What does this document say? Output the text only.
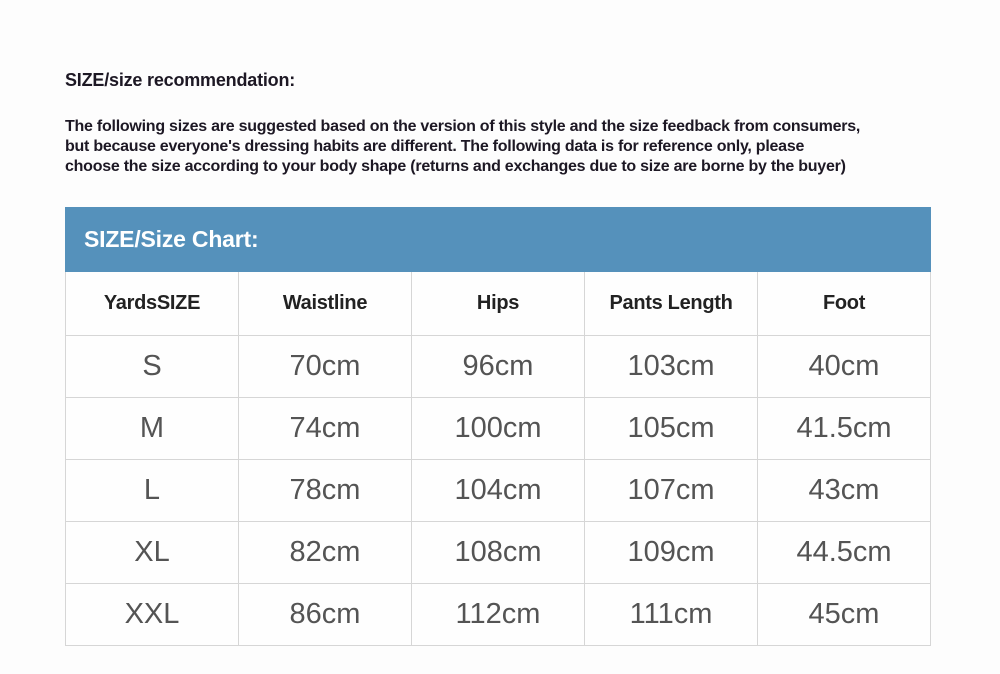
SIZE/size recommendation:
The following sizes are suggested based on the version of this style and the size feedback from consumers,
but because everyone's dressing habits are different. The following data is for reference only, please
choose the size according to your body shape (returns and exchanges due to size are borne by the buyer)
SIZE/Size Chart:
YardsSIZE	Waistline	Hips	Pants Length	Foot
S	70cm	96cm	103cm	40cm
M	74cm	100cm	105cm	41.5cm
L	78cm	104cm	107cm	43cm
XL	82cm	108cm	109cm	44.5cm
XXL	86cm	112cm	111cm	45cm
